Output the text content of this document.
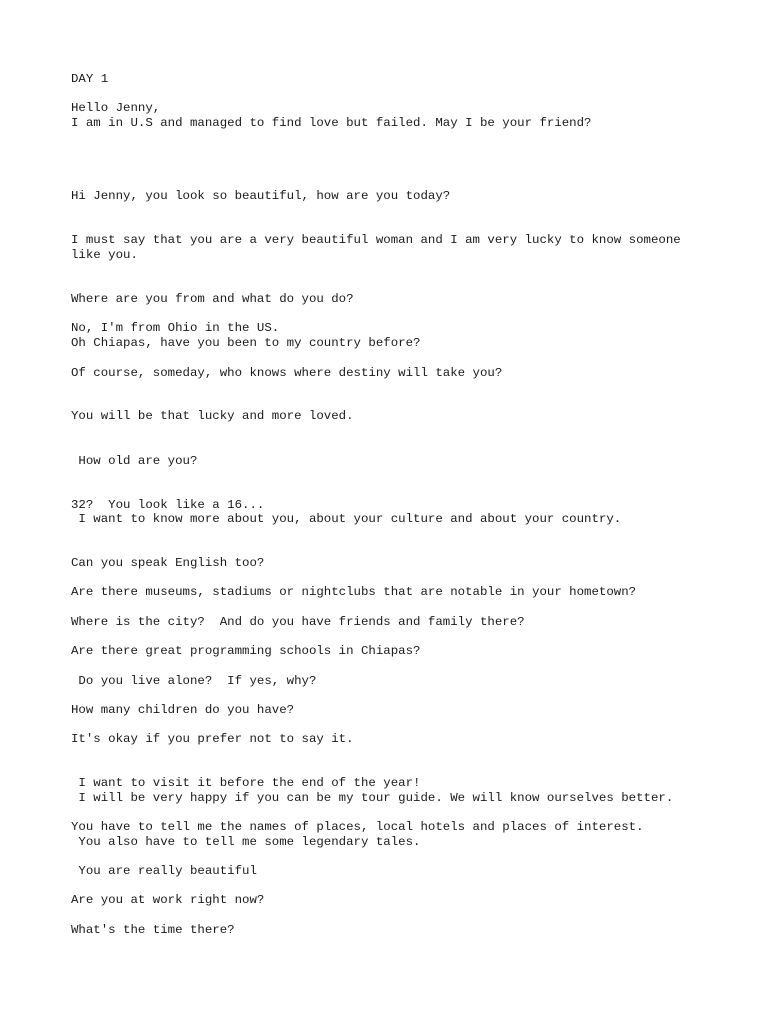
DAY 1

Hello Jenny,

I am in U.S and managed to find love but failed. May I be your friend?

Hi Jenny, you look so beautiful, how are you today?

I must say that you are a very beautiful woman and I am very lucky to know someone

like you.

Where are you from and what do you do?

No, I'm from Ohio in the US.

Oh Chiapas, have you been to my country before?

Of course, someday, who knows where destiny will take you?

You will be that lucky and more loved.

How old are you?

32?  You look like a 16...

I want to know more about you, about your culture and about your country.

Can you speak English too?

Are there museums, stadiums or nightclubs that are notable in your hometown?

Where is the city?  And do you have friends and family there?

Are there great programming schools in Chiapas?

Do you live alone?  If yes, why?

How many children do you have?

It's okay if you prefer not to say it.

I want to visit it before the end of the year!

I will be very happy if you can be my tour guide. We will know ourselves better.

You have to tell me the names of places, local hotels and places of interest.

You also have to tell me some legendary tales.

You are really beautiful

Are you at work right now?

What's the time there?
